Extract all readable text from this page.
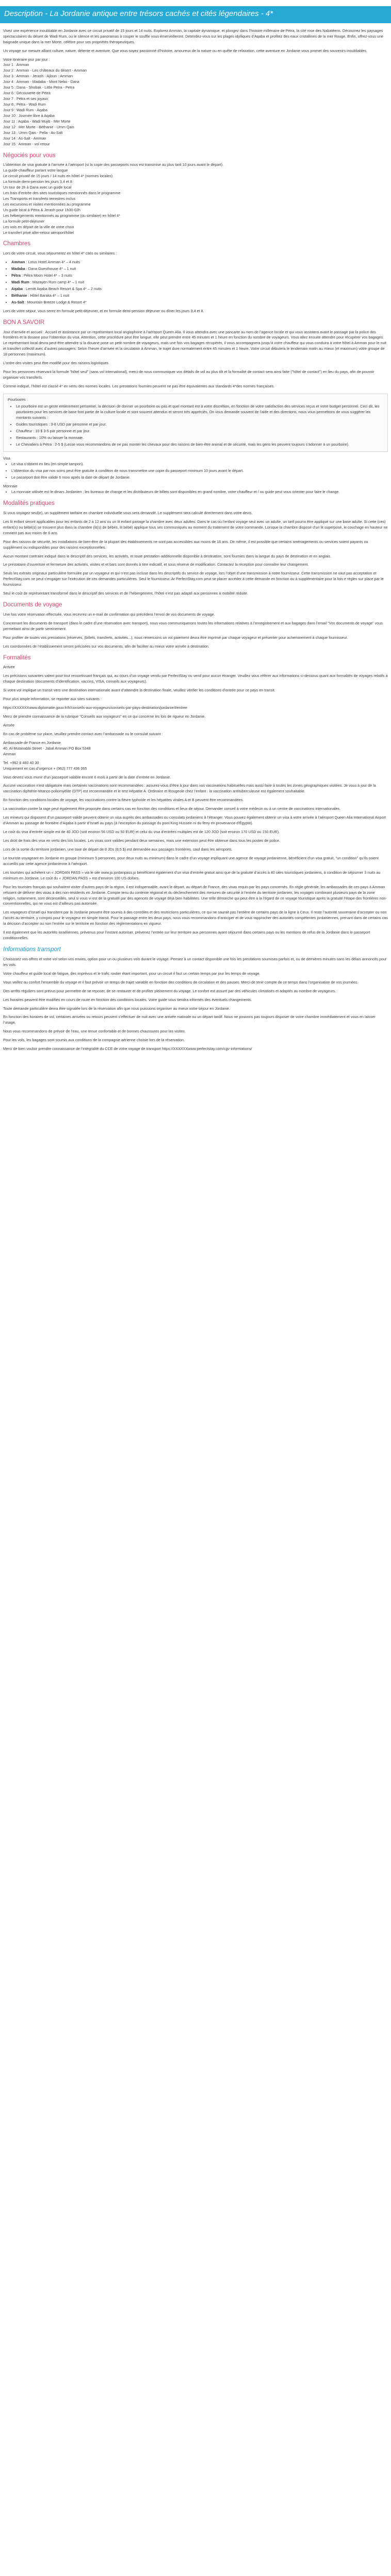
Description - La Jordanie antique entre trésors cachés et cités légendaires - 4*

Vivez une expérience inoubliable en Jordanie avec ce circuit privatif de 15 jours et 14 nuits. Explorez Amman, la capitale dynamique, et plongez dans l’histoire millénaire de Pétra, la cité rose des Nabatéens. Découvrez les paysages spectaculaires du désert de Wadi Rum, où le silence et les panoramas à couper le souffle vous émerveilleront. Détendez-vous sur les plages idylliques d’Aqaba et profitez des eaux cristallines de la mer Rouge. Enfin, offrez-vous une baignade unique dans la mer Morte, célèbre pour ses propriétés thérapeutiques.

Un voyage sur mesure alliant culture, nature, détente et aventure. Que vous soyez passionné d’histoire, amoureux de la nature ou en quête de relaxation, cette aventure en Jordanie vous promet des souvenirs inoubliables.

Votre itinéraire jour par jour :
Jour 1 : Amman
Jour 2 : Amman - Les châteaux du désert - Amman
Jour 3 : Amman - Jerash - Ajloun - Amman
Jour 4 : Amman - Madaba - Mont Nebo - Dana
Jour 5 : Dana - Shobak - Little Petra - Petra
Jour 6 : Découverte de Pétra
Jour 7 : Pétra et ses joyaux
Jour 8 : Pétra - Wadi Rum
Jour 9 : Wadi Rum - Aqaba
Jour 10 : Journée libre à Aqaba
Jour 11 : Aqaba - Wadi Mujib - Mer Morte
Jour 12 : Mer Morte - Béthanie - Umm Qais
Jour 13 : Umm Qais - Pella - As-Salt
Jour 14 : As-Salt - Amman
Jour 15 : Amman - vol retour
Négociés pour vous
L’obtention de visa gratuite à l’arrivée à l’aéroport (si la copie des passeports nous est transmise au plus tard 10 jours avant le départ).
La guide-chauffeur parlant votre langue
Le circuit privatif de 15 jours / 14 nuits en hôtel 4* (normes locales)
La formule demi-pension les jours 3,4 et 8
Un tour de 2h à Dana avec un guide local
Les frais d’entrée des sites touristiques mentionnés dans le programme
Les Transports et transferts terrestres inclus
Les excursions et visites mentionnées au programme
Un guide local à Pétra & Jerash pour 1h30-02h
Les hébergements mentionnés au programme (ou similaire) en hôtel 4*
La formule petit-déjeuner
Les vols en départ de la ville de votre choix
Le transfert privé aller-retour aéroport/hôtel
Chambres

Lors de votre circuit, vous séjournerez en hôtel 4* cités ou similaires :

• Amman : Lotus Hotel Amman 4* – 4 nuits
• Madaba : Dana Guesthouse 4* – 1 nuit
• Pétra : Pétra Moon Hotel 4* – 3 nuits
• Wadi Rum : Mazayen Rum camp 4* – 1 nuit
• Aqaba : Lemitt Aqaba Beach Resort & Spa 4* – 2 nuits
• Béthanie : Hôtel Baraka 4* – 1 nuit
• As-Salt : Mountain Breeze Lodge & Resort 4*

Lors de votre séjour, vous serez en formule petit-déjeuner, et en formule demi-pension déjeuner ou dîner les jours 3,4 et 8.

BON A SAVOIR

Jour d’arrivée et accueil : Accueil et assistance par un représentant local anglophone à l’aéroport Queen Alia. Il vous attendra avec une pancarte au nom de l’agence locale et qui vous assistera avant le passage par la police des frontières et la douane pour l’obtention du visa. Attention, cette procédure peut être longue, elle peut prendre entre 45 minutes et 1 heure en fonction du nombre de voyageurs. Vous allez ensuite attendre pour récupérer vos bagages. Le représentant local devra peut-être attendre si la douane pose un petit nombre de voyageurs, mais une fois vos bagages récupérés, il vous accompagnera jusqu’à votre chauffeur qui vous conduira à votre hôtel à Amman pour le nuit et transfert collectif avec d’autres passagers. Selon l’heure d’arrivée et la circulation à Amman, le trajet dure normalement entre 45 minutes et 1 heure. Votre circuit débutera le lendemain matin au mieux (et maximum) votre groupe de 18 personnes (maximum).

L’ordre des visites peut être modifié pour des raisons logistiques.

Pour les personnes réservant la formule "hôtel seul" (sans vol international), merci de nous communiquer vos détails de vol au plus tôt et la formalité de contact sera ainsi faite ("hôtel de contact") en lieu du pays, afin de pouvoir organiser vos transferts.

Comme indiqué, l’hôtel est classé 4* en vertu des normes locales. Les prestations fournies peuvent ne pas être équivalentes aux standards 4*des normes françaises.

Pourboires :
• Le pourboire est un geste entièrement personnel, la décision de donner un pourboire ou pas et quel montant est à votre discrétion, en fonction de votre satisfaction des services reçus et votre budget personnel. Ceci dit, les pourboires pour les services de base font partie de la culture locale et sont souvent attendus et seront très appréciés. On vous demande souvent de l’aide et des directions, nous vous permettons de vous suggérer les montants suivants :
• Guides touristiques : 3-8 USD par personne et par jour.
• Chauffeur : 10 $ 3-5 par personne et par jour.
• Restaurants : 10% ou laisser la monnaie.
• Le Chevaliers à Pétra : 2-5 $ (Lesse vous recommandons de ne pas monter les chevaux pour des raisons de bien-être animal et de sécurité, mais les gens les peuvent toujours s’adonner à un pourboire).
Visa
• Le visa s’obtient en lieu (en simple tampon).
• L’obtention du visa par nos soins peut être gratuite à condition de nous transmettre une copie du passeport minimum 10 jours avant le départ.
• Le passeport doit être valide 6 mois après la date de départ de Jordanie.
Monnaie
• La monnaie utilisée est le dinars Jordanien ; les bureaux de change et les distributeurs de billets sont disponibles en grand nombre, votre chauffeur et / ou guide peut vous orienter pour faire le change.
Modalités pratiques

Si vous voyagez seul(e), un supplément tarifaire en chambre individuelle vous sera demandé. Le supplément sera calculé directement dans votre devis.

Les lit enfant seront applicables pour les enfants de 2 à 12 ans ou un lit enfant partage la chambre avec deux adultes. Dans le cas où l’enfant voyage seul avec un adulte, un tarif pourra être appliqué sur une base adulte. Si cette (ces) enfant(s) ou bébé(s) se trouvent plus dans la chambre (lit(s) de bébés, lit bébé) applique tous ses communiqués au moment du traitement de votre commande. Lorsque la chambre dispose d’un lit superposé, le couchage en hauteur ne convient pas aux moins de 6 ans.

Pour des raisons de sécurité, les installations de bien-être de la plupart des établissements ne sont pas accessibles aux moins de 16 ans. De même, il est possible que certains aménagements ou services soient payants ou supplément ou indisponibles pour des raisons exceptionnelles.

Aucun montant contraire indiqué dans le descriptif des services, les activités, et toute prestation additionnelle disponible à destination, sont fournies dans la langue du pays de destination et en anglais.

Le prestataire d’ouverture et fermeture des activités, visites et et bars sont donnés à titre indicatif, et sous réserve de modification. Contactez la réception pour connaître leur changement.

Seuls les extraits originaux particulière formulée par un voyageur et qui n’est pas incluse dans les descriptifs du service de voyage, lors l’objet d’une transmission à notre fournisseur. Cette transmission ne vaut pas acceptation et PerfectStay.com ne peut s’engager sur l’exécution de ces demandes particulières. Seul le fournisseur. Ar PerfectStay.com peut se placer accéder à cette demande en fonction ou à supplémentaire pour la fois e règles sur place par le fournisseur.

Seul le coût de représentant transformé dans le descriptif des services et de l’hébergement, l’hôtel n’est pas adapté aux personnes à mobilité réduite.

Documents de voyage

Une fois votre réservation effectuée, vous recevrez un e-mail de confirmation qui précédera l’envoi de vos documents de voyage.

Concernant les documents de transport (dans le cadre d’une réservation avec transport), nous vous communiquerons toutes les informations relatives à l’enregistrement et aux bagages dans l’email "Vos documents de voyage" vous permettant ainsi de partir sereinement.

Pour profiter de toutes vos prestations (réserves, (billets, transferts, activités...), nous remercions un vol paiement devra être imprimé par chaque voyageur et présenter pour acheminement à chaque fournisseur.

Les coordonnées de l’établissement seront précisées sur vos documents, afin de faciliter au mieux votre arrivée à destination.

Formalités

Arrivée

Les précisions suivantes valent pour tout ressortissant français qui, au cours d’un voyage vendu par PerfectStay ou vend pour aucun étranger. Veuillez vous référer aux informations ci-dessous quant aux formalités de voyages relatifs à chaque destination (documents d’identification, vaccins, VISA, conseils aux voyageurs).

Si votre vol implique un transit vers une destination internationale avant d’atteindre la destination finale, veuillez vérifier les conditions d’entrée pour ce pays en transit.

Pour plus ample information, se reporter aux sites suivants :

https://XXXXXXwww.diplomatie.gouv.fr/fr/conseils-aux-voyageurs/conseils-par-pays-destination/jordanie/#entree

Merci de prendre connaissance de la rubrique "Conseils aux voyageurs" en ce qui concerne les lois de rigueur en Jordanie.

Ainsée

En cas de problème sur place, veuillez prendre contact avec l’ambassade ou le consulat suivant :

Ambassade de France en Jordanie
40, Al-Mutanabbi Street - Jabal Amman PO Box 5348
Amman
Tel. +962 6 460 40 30
Uniquement en cas d’urgence + (962) 777 436 065

Vous devrez vous munir d’un passeport valable encore 6 mois à partir de la date d’entrée en Jordanie.

Aucune vaccination n’est obligatoire mais certaines vaccinations sont recommandées : assurez-vous d’être à jour dans vos vaccinations habituelles mais aussi faire à toutes les zones géographiques visitées. Je vous à jour de la vaccination diphtérie-tétanos-poliomyélite (DTP) est recommandée et le test Hépatite A. Ordinaire et Rougeole chez l’enfant : la vaccination antituberculeuse est également souhaitable.

En fonction des conditions locales de voyage, les vaccinations contre la fièvre typhoïde et les hépatites virales A et B peuvent être recommandées.

La vaccination contre la rage peut également être proposée dans certains cas en fonction des conditions et lieux de séjour. Demander conseil à votre médecin ou à un centre de vaccinations internationales.

Les mineurs qui disposent d’un passeport valide peuvent obtenir un visa auprès des ambassades ou consulats jordaniens à l’étranger. Vous pouvez également obtenir un visa à votre arrivée à l’aéroport Queen Alia International Airport d’Amman au passage de frontière d’Aqaba à partir d’Israël au pays (à l’exception du passage du pont King Hussein ni du ferry en provenance d’Égypte).

Le coût du visa d’entrée simple est de 40 JOD (soit environ 56 USD ou 50 EUR) et celui du visa d’entrées multiples est de 120 JOD (soit environ 170 USD ou 150 EUR).

Les droit de frais des visa en vertu des lois locales. Les visas sont valides pendant deux semaines, mais une extension peut être obtenue dans tous les postes de police.

Lors de la sortie du territoire jordanien, une taxe de départ de 8 JDs (8,5 $) est demandée aux passages frontières, sauf dans les aéroports.

Le touriste voyageant en Jordanie en groupe (minimum 5 personnes, pour deux nuits au minimum) dans le cadre d’un voyage impliquant une agence de voyage jordanienne, bénéficient d’un visa gratuit, "un condition" qu’ils soient accueillis par cette agence jordanienne à l’aéroport.

Les touristes qui achètent un « JORDAN PASS » via le site www.jo.jordanpass.jo bénéficient également d’un visa d’entrée gratuit ainsi que de la gratuité d’accès à 40 sites touristiques jordaniens, à condition de séjourner 3 nuits au minimum en Jordanie. Le coût du « JORDAN PASS » est d’environ 100 US dollars.

Pour les touristes français qui souhaitent visiter d’autres pays de la région, il est indispensable, avant le départ, au départ de France, des visas requis par les pays concernés. En règle générale, les ambassades de ces pays à Amman refusent de délivrer des visas à des non-résidents en Jordanie. Compte tenu du contexte régional et du déclenchement des mesures de sécurité à l’entrée du territoire jordanien, les voyages combinant plusieurs pays de la zone religion, notamment, sont déconseillés, seul si vous vi est de la gratuité par des agences de voyage déjà bien habilitées. Une telle démarche qui peut étre à la l’égard de ce voyage touristique après la gratuité l’étape des frontières non-conventionnelles, qui ne vous est d’ailleurs pas autorisée.

Les voyageurs d’Israël qui transitent par la Jordanie peuvent être soumis à des contrôles et des restrictions particulières, ce qui ne saurait pas l’entière de certains pays de la ligne à Ceux. Il reste l’autorité souveraine d’accepter ou non l’accès au territoire, y compris pour le voyageur en simple transit. Pour le passage entre les deux pays, nous vous recommandons d’anticiper et de vous rapprocher des autorités compétentes jordaniennes, prenant dans de certains cas la décision d’accepter ou non l’entrée sur le territoire en fonction des règlementations en vigueur.

Il est également que les autorités israéliennes, prévenus pour l’instant autoriser, prévenez l’entrée sur leur territoire aux personnes ayant séjourné dans certains pays ou les mentions de refus de la Jordanie dans le passeport conditionnelles.

Informations transport

Choisissez vos offres et votre vol selon vos envies, option pour un ou plusieurs vols durant le voyage. Pensez à un contact disponible une fois les prestations soumises parfois et, ou de dernières minutes sans les délais annoncés pour les vols.

Votre chauffeur et guide local de fatigue, des imprévus et le trafic routier étant important, pour un circuit il faut un certain temps par jour les temps de voyage.

Vous veillez au confort l’ensemble du voyage et il faut prévoir un temps de trajet variable en fonction des conditions de circulation et des pauses. Merci de tenir compte de ce temps dans l’organisation de vos journées.

Des arrêts réguliers sont prévus pour permettre de se reposer, de se restaurer et de profiter pleinement du voyage. Le confort est assuré par des véhicules climatisés et adaptés au nombre de voyageurs.

Les horaires peuvent être modifiés en cours de route en fonction des conditions locales. Votre guide vous tiendra informés des éventuels changements.

Toute demande particulière devra être signalée lors de la réservation afin que nous puissions organiser au mieux votre séjour en Jordanie.

En fonction des horaires de vol, certaines arrivées ou retours peuvent s’effectuer de nuit avec une arrivée matinale ou un départ tardif. Nous ne pouvons pas toujours disposer de votre chambre immédiatement et vous en laisser l’usage.

Nous vous recommandons de prévoir de l’eau, une tenue confortable et de bonnes chaussures pour les visites.

Pour les vols, les bagages sont soumis aux conditions de la compagnie aérienne choisie lors de la réservation.

Merci de bien vouloir prendre connaissance de l’intégralité du CCE de votre voyage de transport https://XXXXXXwww.perfectstay.com/cgv-informations/
